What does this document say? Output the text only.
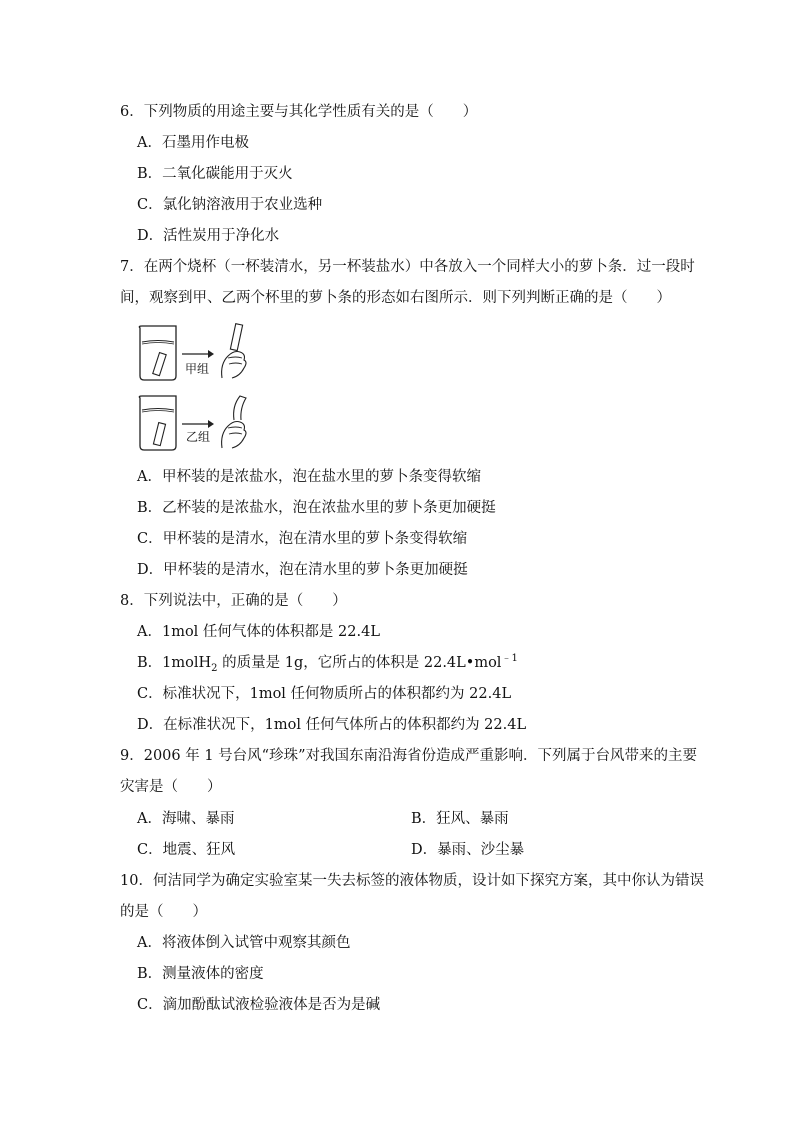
6．下列物质的用途主要与其化学性质有关的是（　　）
A．石墨用作电极
B．二氧化碳能用于灭火
C．氯化钠溶液用于农业选种
D．活性炭用于净化水
7．在两个烧杯（一杯装清水，另一杯装盐水）中各放入一个同样大小的萝卜条．过一段时
间，观察到甲、乙两个杯里的萝卜条的形态如右图所示．则下列判断正确的是（　　）
甲组
乙组
A．甲杯装的是浓盐水，泡在盐水里的萝卜条变得软缩
B．乙杯装的是浓盐水，泡在浓盐水里的萝卜条更加硬挺
C．甲杯装的是清水，泡在清水里的萝卜条变得软缩
D．甲杯装的是清水，泡在清水里的萝卜条更加硬挺
8．下列说法中，正确的是（　　）
A．1mol 任何气体的体积都是 22.4L
B．1molH$_2$ 的质量是 1g，它所占的体积是 22.4L•mol$^{﹣1}$
C．标准状况下，1mol 任何物质所占的体积都约为 22.4L
D．在标准状况下，1mol 任何气体所占的体积都约为 22.4L
9．2006 年 1 号台风“珍珠”对我国东南沿海省份造成严重影响．下列属于台风带来的主要
灾害是（　　）
A．海啸、暴雨	B．狂风、暴雨
C．地震、狂风	D．暴雨、沙尘暴
10．何洁同学为确定实验室某一失去标签的液体物质，设计如下探究方案，其中你认为错误
的是（　　）
A．将液体倒入试管中观察其颜色
B．测量液体的密度
C．滴加酚酞试液检验液体是否为是碱
